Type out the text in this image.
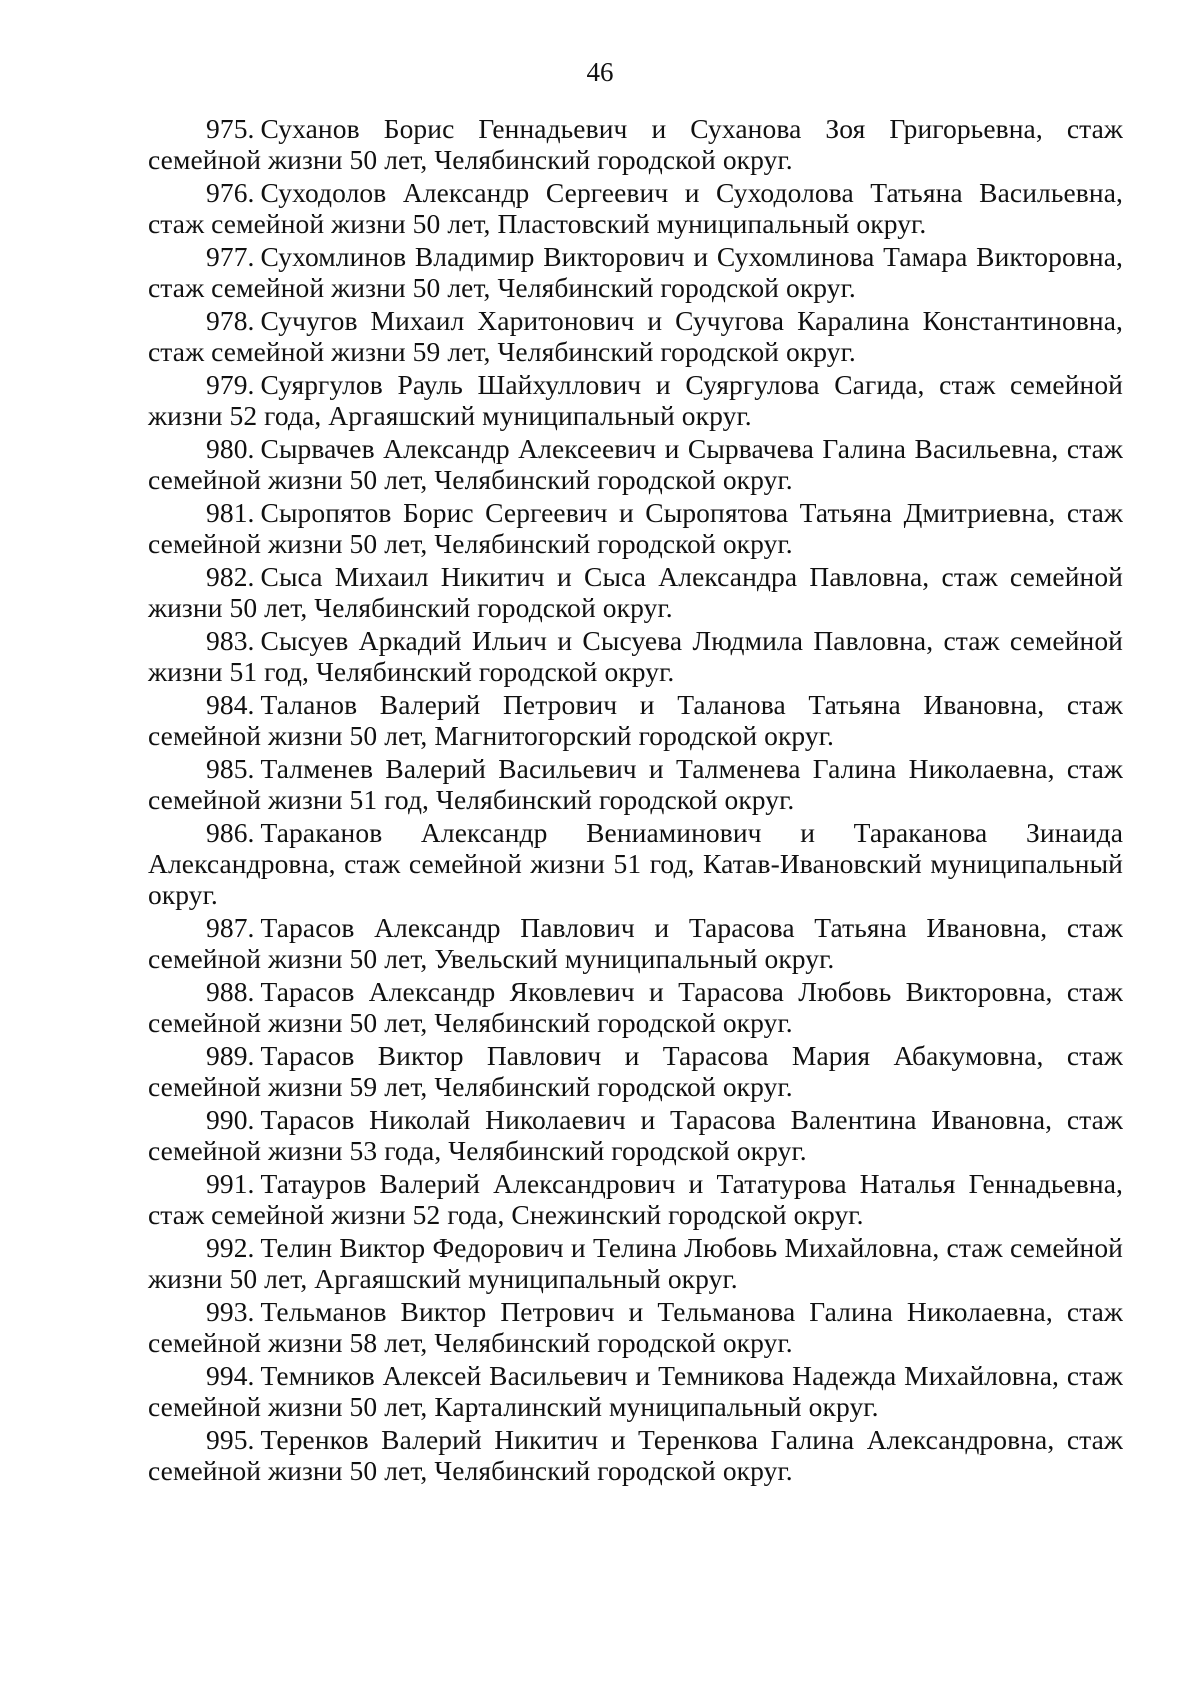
46
975. Суханов Борис Геннадьевич и Суханова Зоя Григорьевна, стаж семейной жизни 50 лет, Челябинский городской округ.
976. Суходолов Александр Сергеевич и Суходолова Татьяна Васильевна, стаж семейной жизни 50 лет, Пластовский муниципальный округ.
977. Сухомлинов Владимир Викторович и Сухомлинова Тамара Викторовна, стаж семейной жизни 50 лет, Челябинский городской округ.
978. Сучугов Михаил Харитонович и Сучугова Каралина Константиновна, стаж семейной жизни 59 лет, Челябинский городской округ.
979. Суяргулов Рауль Шайхуллович и Суяргулова Сагида, стаж семейной жизни 52 года, Аргаяшский муниципальный округ.
980. Сырвачев Александр Алексеевич и Сырвачева Галина Васильевна, стаж семейной жизни 50 лет, Челябинский городской округ.
981. Сыропятов Борис Сергеевич и Сыропятова Татьяна Дмитриевна, стаж семейной жизни 50 лет, Челябинский городской округ.
982. Сыса Михаил Никитич и Сыса Александра Павловна, стаж семейной жизни 50 лет, Челябинский городской округ.
983. Сысуев Аркадий Ильич и Сысуева Людмила Павловна, стаж семейной жизни 51 год, Челябинский городской округ.
984. Таланов Валерий Петрович и Таланова Татьяна Ивановна, стаж семейной жизни 50 лет, Магнитогорский городской округ.
985. Талменев Валерий Васильевич и Талменева Галина Николаевна, стаж семейной жизни 51 год, Челябинский городской округ.
986. Тараканов Александр Вениаминович и Тараканова Зинаида Александровна, стаж семейной жизни 51 год, Катав-Ивановский муниципальный округ.
987. Тарасов Александр Павлович и Тарасова Татьяна Ивановна, стаж семейной жизни 50 лет, Увельский муниципальный округ.
988. Тарасов Александр Яковлевич и Тарасова Любовь Викторовна, стаж семейной жизни 50 лет, Челябинский городской округ.
989. Тарасов Виктор Павлович и Тарасова Мария Абакумовна, стаж семейной жизни 59 лет, Челябинский городской округ.
990. Тарасов Николай Николаевич и Тарасова Валентина Ивановна, стаж семейной жизни 53 года, Челябинский городской округ.
991. Татауров Валерий Александрович и Тататурова Наталья Геннадьевна, стаж семейной жизни 52 года, Снежинский городской округ.
992. Телин Виктор Федорович и Телина Любовь Михайловна, стаж семейной жизни 50 лет, Аргаяшский муниципальный округ.
993. Тельманов Виктор Петрович и Тельманова Галина Николаевна, стаж семейной жизни 58 лет, Челябинский городской округ.
994. Темников Алексей Васильевич и Темникова Надежда Михайловна, стаж семейной жизни 50 лет, Карталинский муниципальный округ.
995. Теренков Валерий Никитич и Теренкова Галина Александровна, стаж семейной жизни 50 лет, Челябинский городской округ.
